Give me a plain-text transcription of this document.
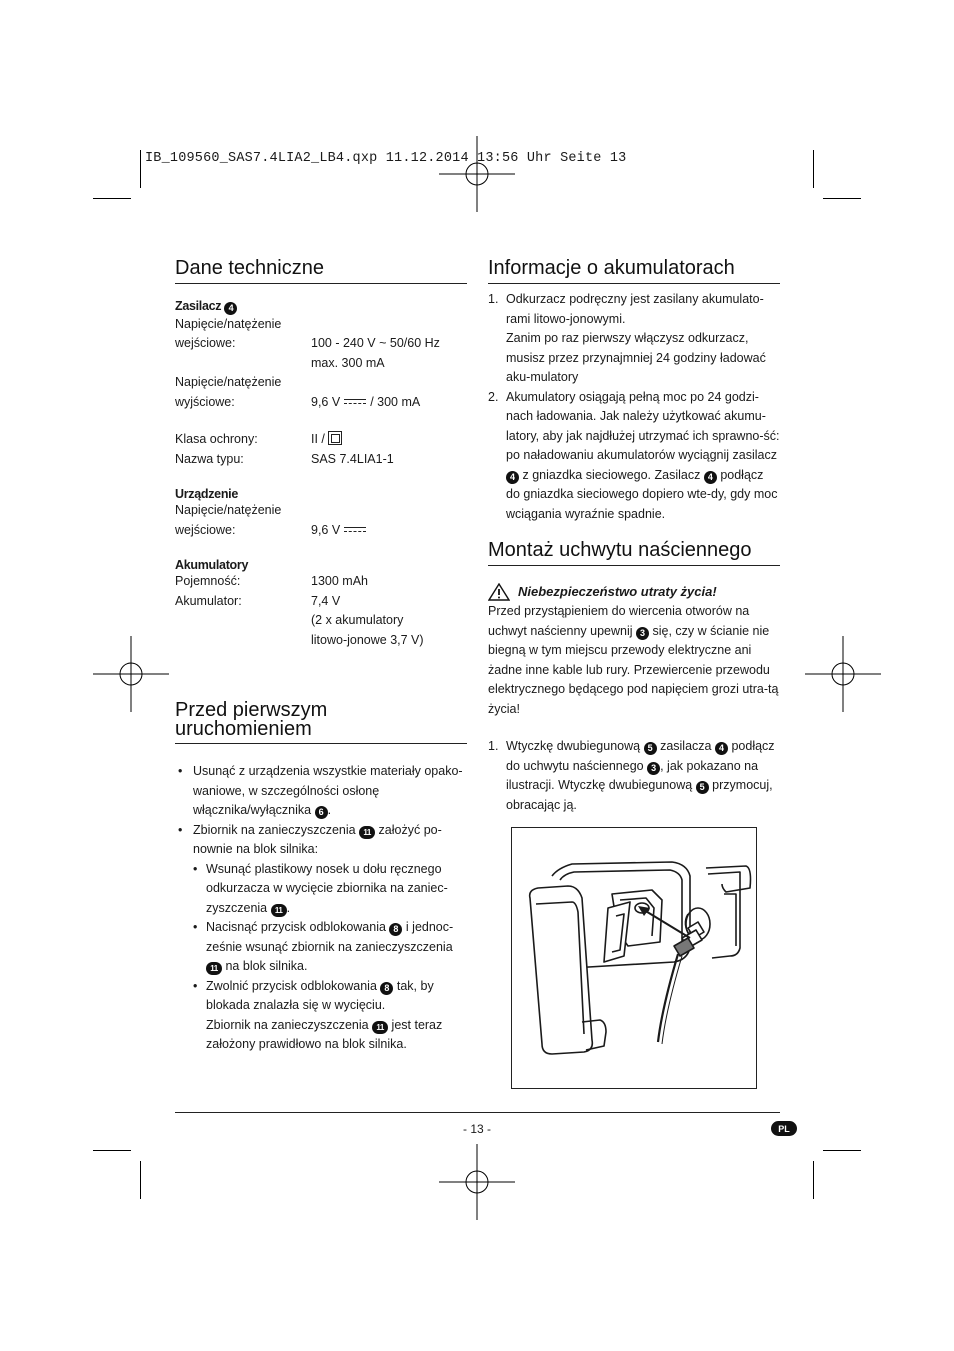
IB_109560_SAS7.4LIA2_LB4.qxp 11.12.2014 13:56 Uhr Seite 13
Dane techniczne
Zasilacz 4
Napięcie/natężenie
wejściowe:	100 - 240 V ~ 50/60 Hz
max. 300 mA
Napięcie/natężenie
wyjściowe:	9,6 V / 300 mA
Klasa ochrony:	II /
Nazwa typu:	SAS 7.4LIA1-1
Urządzenie
Napięcie/natężenie
wejściowe:	9,6 V
Akumulatory
Pojemność:	1300 mAh
Akumulator:	7,4 V
(2 x akumulatory
litowo-jonowe 3,7 V)
Przed pierwszym
uruchomieniem
• Usunąć z urządzenia wszystkie materiały opako-waniowe, w szczególności osłonę włącznika/wyłącznika 6 .
• Zbiornik na zanieczyszczenia 11 założyć po-nownie na blok silnika:
• Wsunąć plastikowy nosek u dołu ręcznego odkurzacza w wycięcie zbiornika na zaniec-zyszczenia 11 .
• Nacisnąć przycisk odblokowania 8 i jednoc-ześnie wsunąć zbiornik na zanieczyszczenia 11 na blok silnika.
• Zwolnić przycisk odblokowania 8 tak, by blokada znalazła się w wycięciu.
Zbiornik na zanieczyszczenia 11 jest teraz założony prawidłowo na blok silnika.
Informacje o akumulatorach
1. Odkurzacz podręczny jest zasilany akumulato-rami litowo-jonowymi.
Zanim po raz pierwszy włączysz odkurzacz, musisz przez przynajmniej 24 godziny ładować aku-mulatory
2. Akumulatory osiągają pełną moc po 24 godzi-nach ładowania. Jak należy użytkować akumu-latory, aby jak najdłużej utrzymać ich sprawno-ść: po naładowaniu akumulatorów wyciągnij zasilacz 4 z gniazdka sieciowego. Zasilacz 4 podłącz do gniazdka sieciowego dopiero wte-dy, gdy moc wciągania wyraźnie spadnie.
Montaż uchwytu naściennego
Niebezpieczeństwo utraty życia!
Przed przystąpieniem do wiercenia otworów na uchwyt naścienny upewnij 3 się, czy w ścianie nie biegną w tym miejscu przewody elektryczne ani żadne inne kable lub rury. Przewiercenie przewodu elektrycznego będącego pod napięciem grozi utra-tą życia!
1. Wtyczkę dwubiegunową 5 zasilacza 4 podłącz do uchwytu naściennego 3 , jak pokazano na ilustracji. Wtyczkę dwubiegunową 5 przymocuj, obracając ją.
- 13 -	PL
